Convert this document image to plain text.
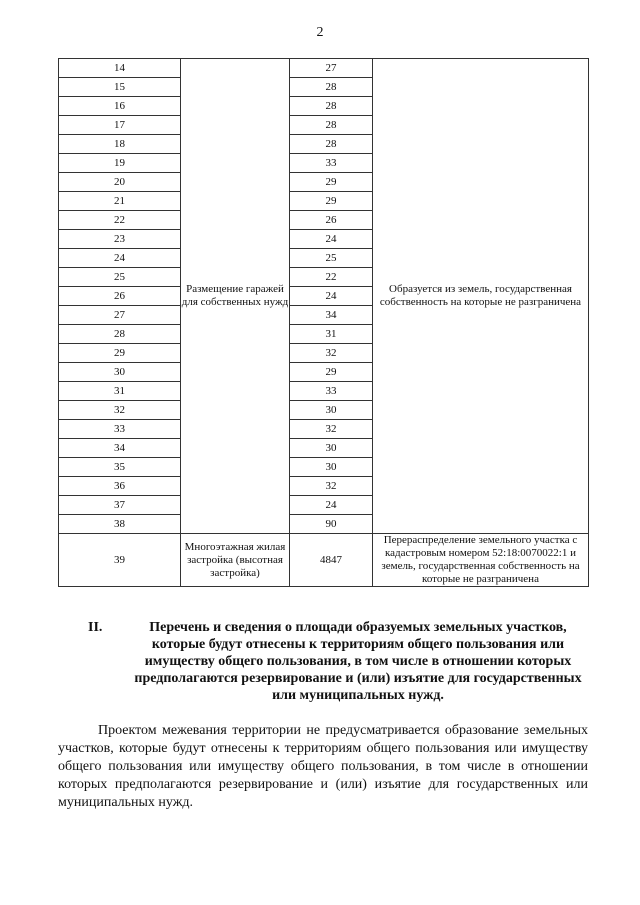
2
14	Размещение гаражей для собственных нужд	27	Образуется из земель, государственная собственность на которые не разграничена
15		28	
16		28	
17		28	
18		28	
19		33	
20		29	
21		29	
22		26	
23		24	
24		25	
25		22	
26		24	
27		34	
28		31	
29		32	
30		29	
31		33	
32		30	
33		32	
34		30	
35		30	
36		32	
37		24	
38		90	
39	Многоэтажная жилая застройка (высотная застройка)	4847	Перераспределение земельного участка с кадастровым номером 52:18:0070022:1 и земель, государственная собственность на которые не разграничена
II.	Перечень и сведения о площади образуемых земельных участков, которые будут отнесены к территориям общего пользования или имуществу общего пользования, в том числе в отношении которых предполагаются резервирование и (или) изъятие для государственных или муниципальных нужд.

Проектом межевания территории не предусматривается образование земельных участков, которые будут отнесены к территориям общего пользования или имуществу общего пользования или имуществу общего пользования, в том числе в отношении которых предполагаются резервирование и (или) изъятие для государственных или муниципальных нужд.
